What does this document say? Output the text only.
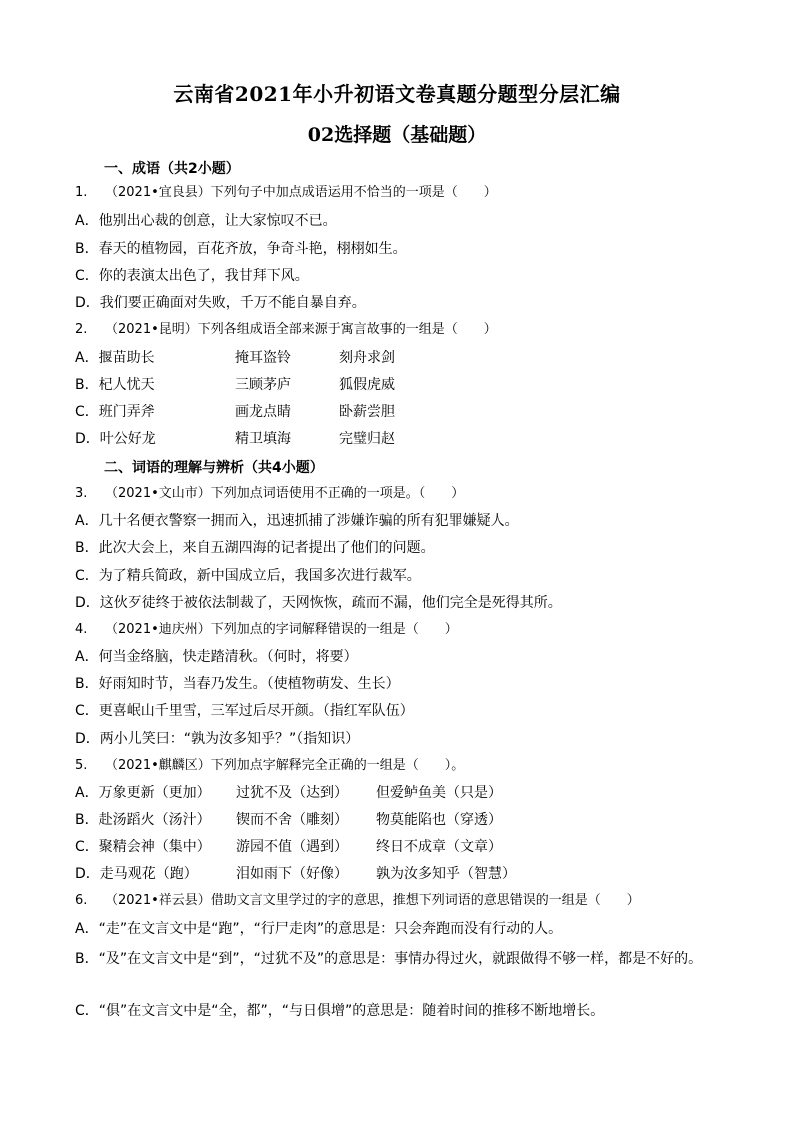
云南省2021年小升初语文卷真题分题型分层汇编
02选择题（基础题）
一、成语（共2小题）
1. （2021•宜良县）下列句子中加点成语运用不恰当的一项是（　　）
A．他别出心裁的创意，让大家惊叹不已。
B．春天的植物园，百花齐放，争奇斗艳，栩栩如生。
C．你的表演太出色了，我甘拜下风。
D．我们要正确面对失败，千万不能自暴自弃。
2. （2021•昆明）下列各组成语全部来源于寓言故事的一组是（　　）
A．揠苗助长	掩耳盗铃	刻舟求剑
B．杞人忧天	三顾茅庐	狐假虎威
C．班门弄斧	画龙点睛	卧薪尝胆
D．叶公好龙	精卫填海	完璧归赵
二、词语的理解与辨析（共4小题）
3. （2021•文山市）下列加点词语使用不正确的一项是。（　　）
A．几十名便衣警察一拥而入，迅速抓捕了涉嫌诈骗的所有犯罪嫌疑人。
B．此次大会上，来自五湖四海的记者提出了他们的问题。
C．为了精兵简政，新中国成立后，我国多次进行裁军。
D．这伙歹徒终于被依法制裁了，天网恢恢，疏而不漏，他们完全是死得其所。
4. （2021•迪庆州）下列加点的字词解释错误的一组是（　　）
A．何当金络脑，快走踏清秋。（何时，将要）
B．好雨知时节，当春乃发生。（使植物萌发、生长）
C．更喜岷山千里雪，三军过后尽开颜。（指红军队伍）
D．两小儿笑曰：“孰为汝多知乎？”（指知识）
5. （2021•麒麟区）下列加点字解释完全正确的一组是（　　）。
A．万象更新（更加） 过犹不及（达到） 但爱鲈鱼美（只是）
B．赴汤蹈火（汤汁） 锲而不舍（雕刻） 物莫能陷也（穿透）
C．聚精会神（集中） 游园不值（遇到） 终日不成章（文章）
D．走马观花（跑）	泪如雨下（好像） 孰为汝多知乎（智慧）
6. （2021•祥云县）借助文言文里学过的字的意思，推想下列词语的意思错误的一组是（　　）
A．“走”在文言文中是“跑”，“行尸走肉”的意思是：只会奔跑而没有行动的人。
B．“及”在文言文中是“到”，“过犹不及”的意思是：事情办得过火，就跟做得不够一样，都是不好的。
C．“俱”在文言文中是“全，都”，“与日俱增”的意思是：随着时间的推移不断地增长。
